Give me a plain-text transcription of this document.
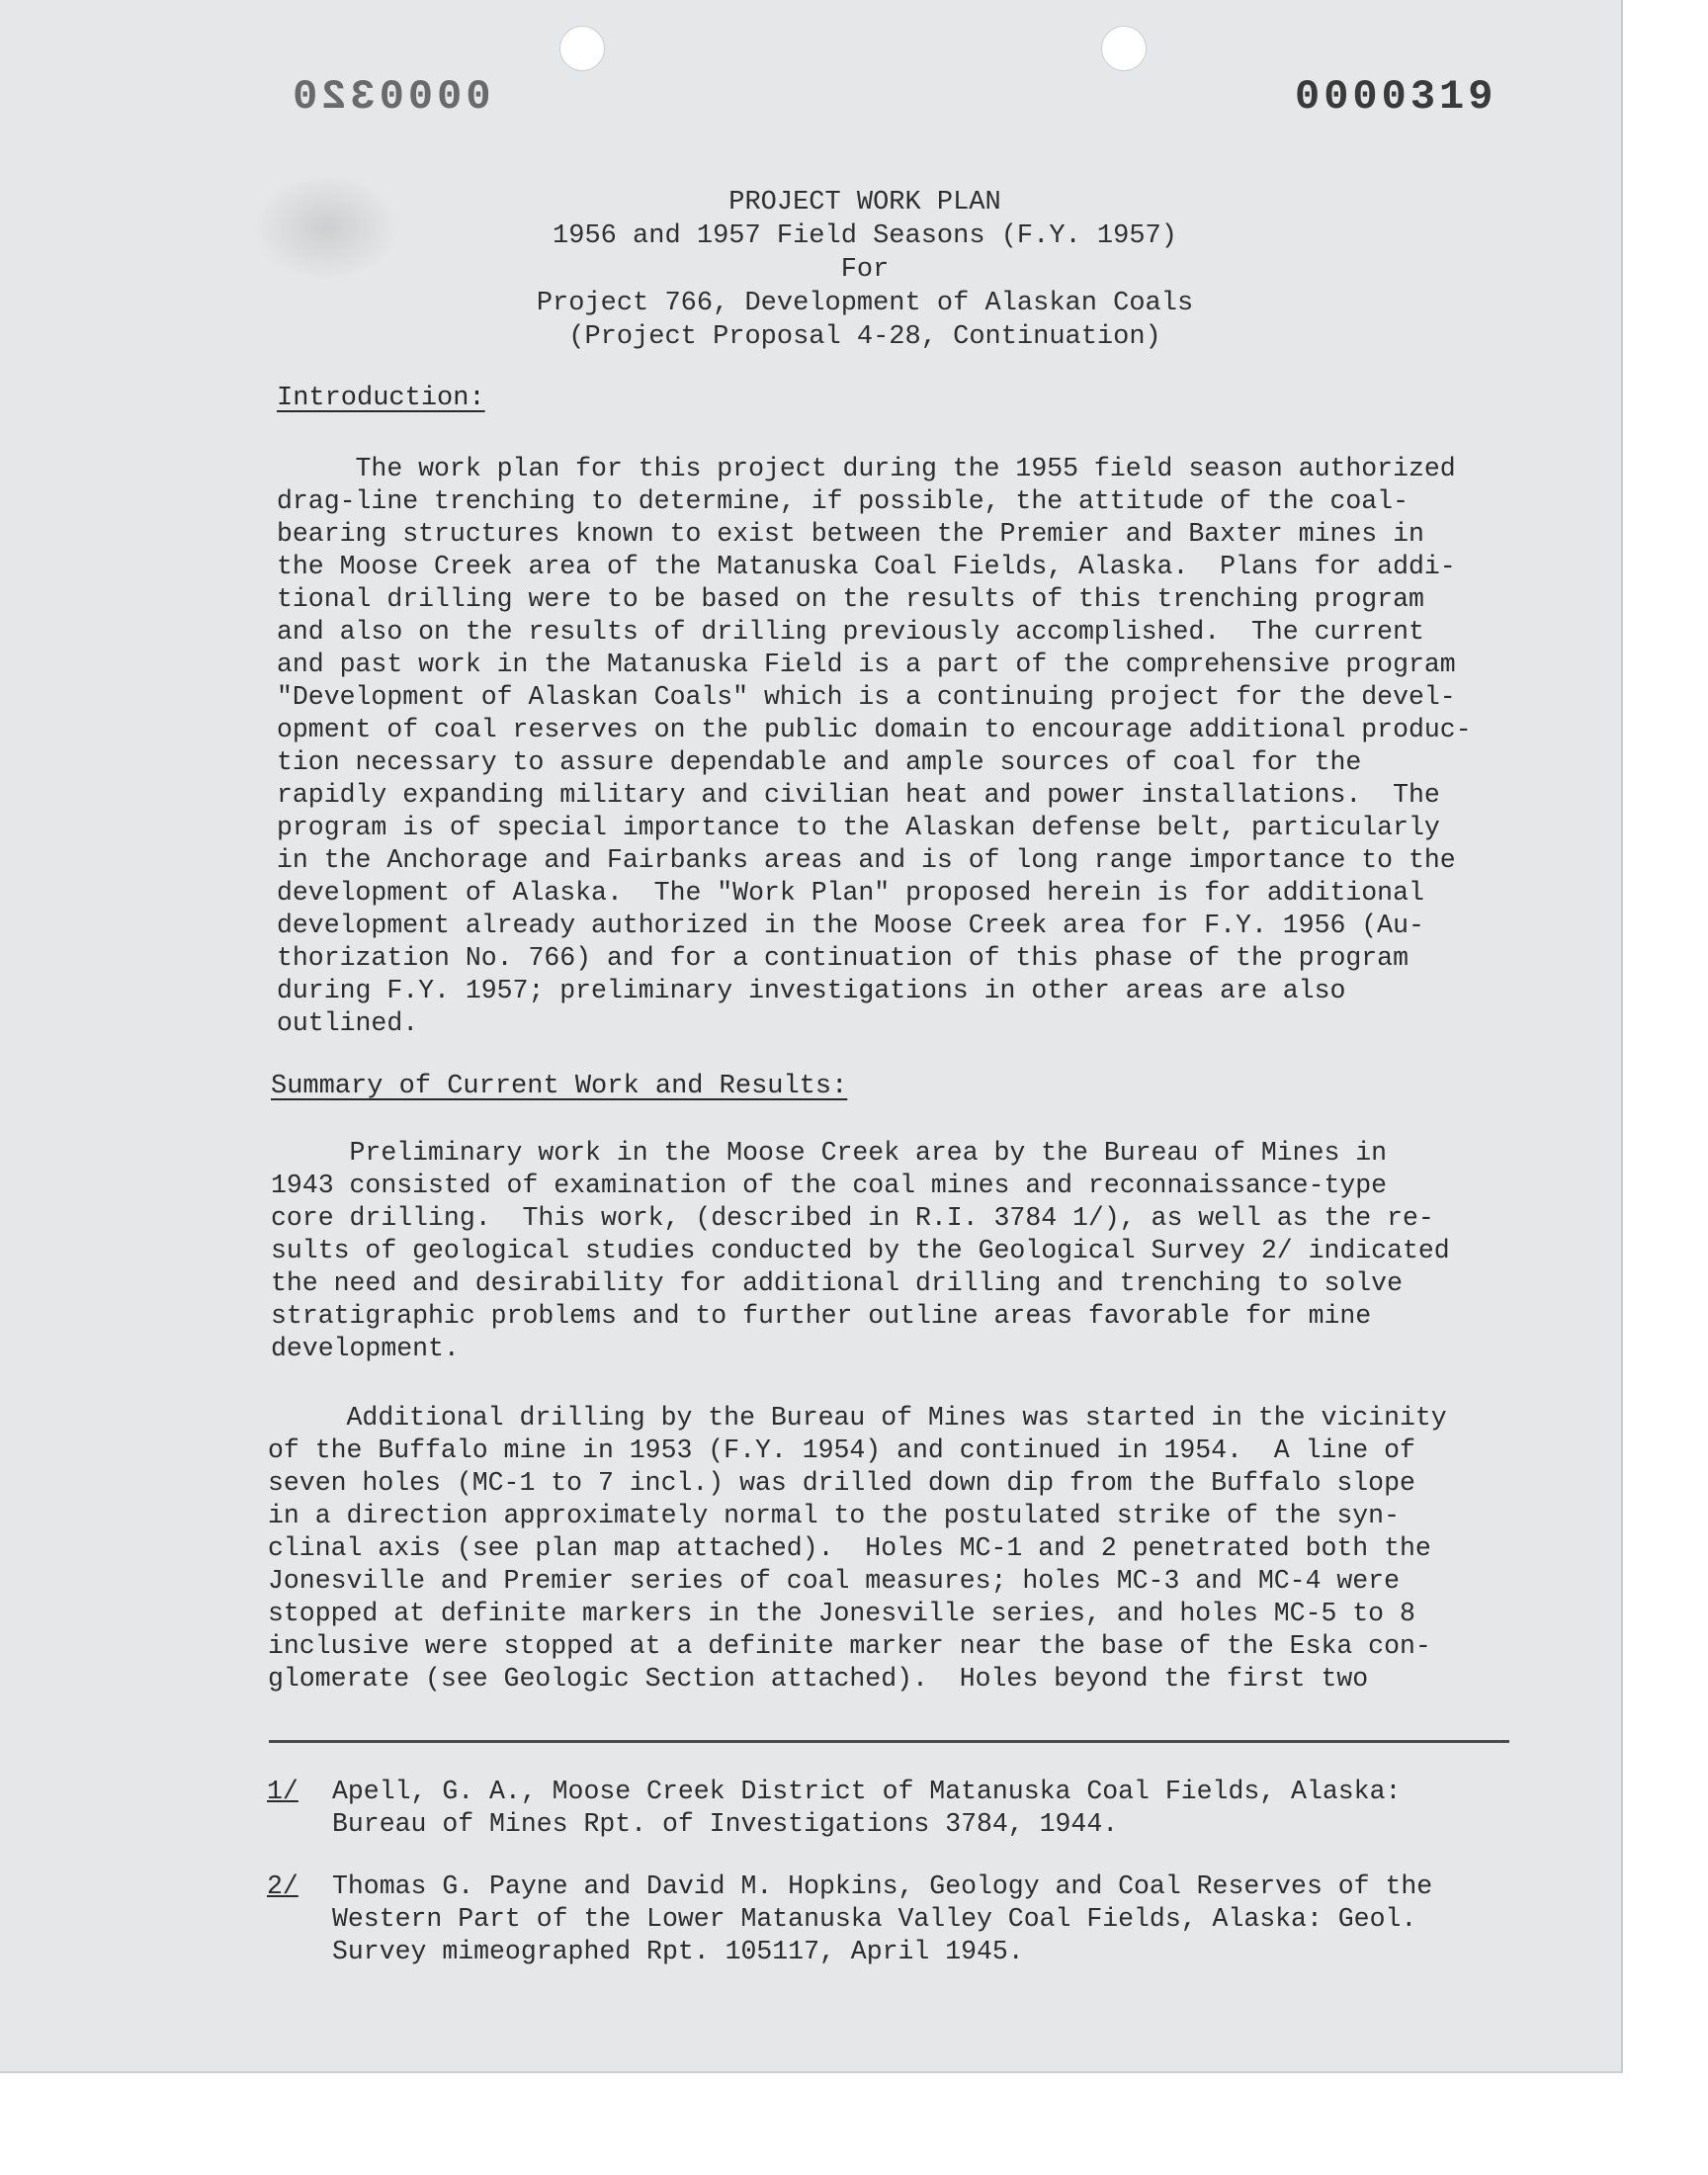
0000320	0000319
PROJECT WORK PLAN
1956 and 1957 Field Seasons (F.Y. 1957)
For
Project 766, Development of Alaskan Coals
(Project Proposal 4-28, Continuation)
Introduction:
The work plan for this project during the 1955 field season authorized
drag-line trenching to determine, if possible, the attitude of the coal-
bearing structures known to exist between the Premier and Baxter mines in
the Moose Creek area of the Matanuska Coal Fields, Alaska.  Plans for addi-
tional drilling were to be based on the results of this trenching program
and also on the results of drilling previously accomplished.  The current
and past work in the Matanuska Field is a part of the comprehensive program
"Development of Alaskan Coals" which is a continuing project for the devel-
opment of coal reserves on the public domain to encourage additional produc-
tion necessary to assure dependable and ample sources of coal for the
rapidly expanding military and civilian heat and power installations.  The
program is of special importance to the Alaskan defense belt, particularly
in the Anchorage and Fairbanks areas and is of long range importance to the
development of Alaska.  The "Work Plan" proposed herein is for additional
development already authorized in the Moose Creek area for F.Y. 1956 (Au-
thorization No. 766) and for a continuation of this phase of the program
during F.Y. 1957; preliminary investigations in other areas are also
outlined.
Summary of Current Work and Results:
Preliminary work in the Moose Creek area by the Bureau of Mines in
1943 consisted of examination of the coal mines and reconnaissance-type
core drilling.  This work, (described in R.I. 3784 1/), as well as the re-
sults of geological studies conducted by the Geological Survey 2/ indicated
the need and desirability for additional drilling and trenching to solve
stratigraphic problems and to further outline areas favorable for mine
development.
Additional drilling by the Bureau of Mines was started in the vicinity
of the Buffalo mine in 1953 (F.Y. 1954) and continued in 1954.  A line of
seven holes (MC-1 to 7 incl.) was drilled down dip from the Buffalo slope
in a direction approximately normal to the postulated strike of the syn-
clinal axis (see plan map attached).  Holes MC-1 and 2 penetrated both the
Jonesville and Premier series of coal measures; holes MC-3 and MC-4 were
stopped at definite markers in the Jonesville series, and holes MC-5 to 8
inclusive were stopped at a definite marker near the base of the Eska con-
glomerate (see Geologic Section attached).  Holes beyond the first two
1/ Apell, G. A., Moose Creek District of Matanuska Coal Fields, Alaska:
Bureau of Mines Rpt. of Investigations 3784, 1944.
2/ Thomas G. Payne and David M. Hopkins, Geology and Coal Reserves of the
Western Part of the Lower Matanuska Valley Coal Fields, Alaska: Geol.
Survey mimeographed Rpt. 105117, April 1945.
